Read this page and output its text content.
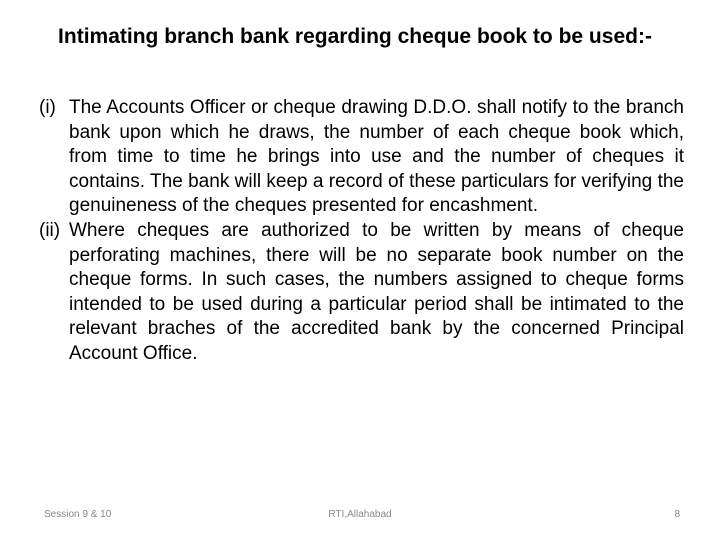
Intimating branch bank regarding cheque book to be used:-
(i) The Accounts Officer or cheque drawing D.D.O. shall notify to the branch bank upon which he draws, the number of each cheque book which, from time to time he brings into use and the number of cheques it contains. The bank will keep a record of these particulars for verifying the genuineness of the cheques presented for encashment.
(ii) Where cheques are authorized to be written by means of cheque perforating machines, there will be no separate book number on the cheque forms. In such cases, the numbers assigned to cheque forms intended to be used during a particular period shall be intimated to the relevant braches of the accredited bank by the concerned Principal Account Office.
Session 9 & 10	RTI,Allahabad	8
